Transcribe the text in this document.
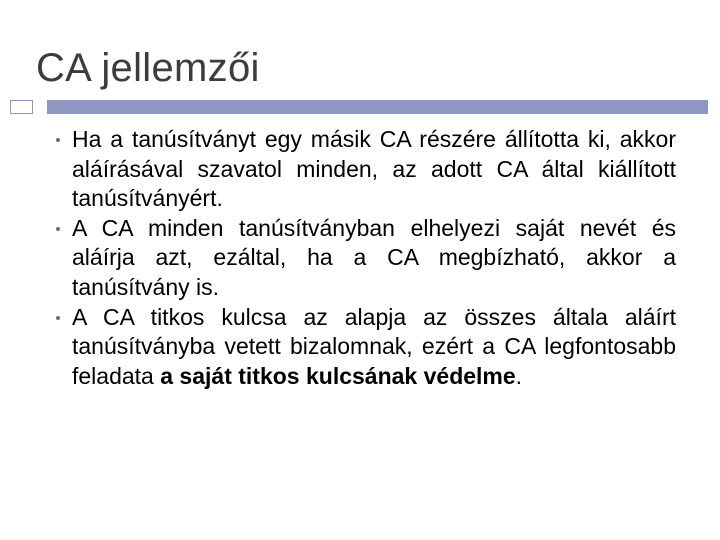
CA jellemzői
Ha a tanúsítványt egy másik CA részére állította ki, akkor aláírásával szavatol minden, az adott CA által kiállított tanúsítványért.
A CA minden tanúsítványban elhelyezi saját nevét és aláírja azt, ezáltal, ha a CA megbízható, akkor a tanúsítvány is.
A CA titkos kulcsa az alapja az összes általa aláírt tanúsítványba vetett bizalomnak, ezért a CA legfontosabb feladata a saját titkos kulcsának védelme.
